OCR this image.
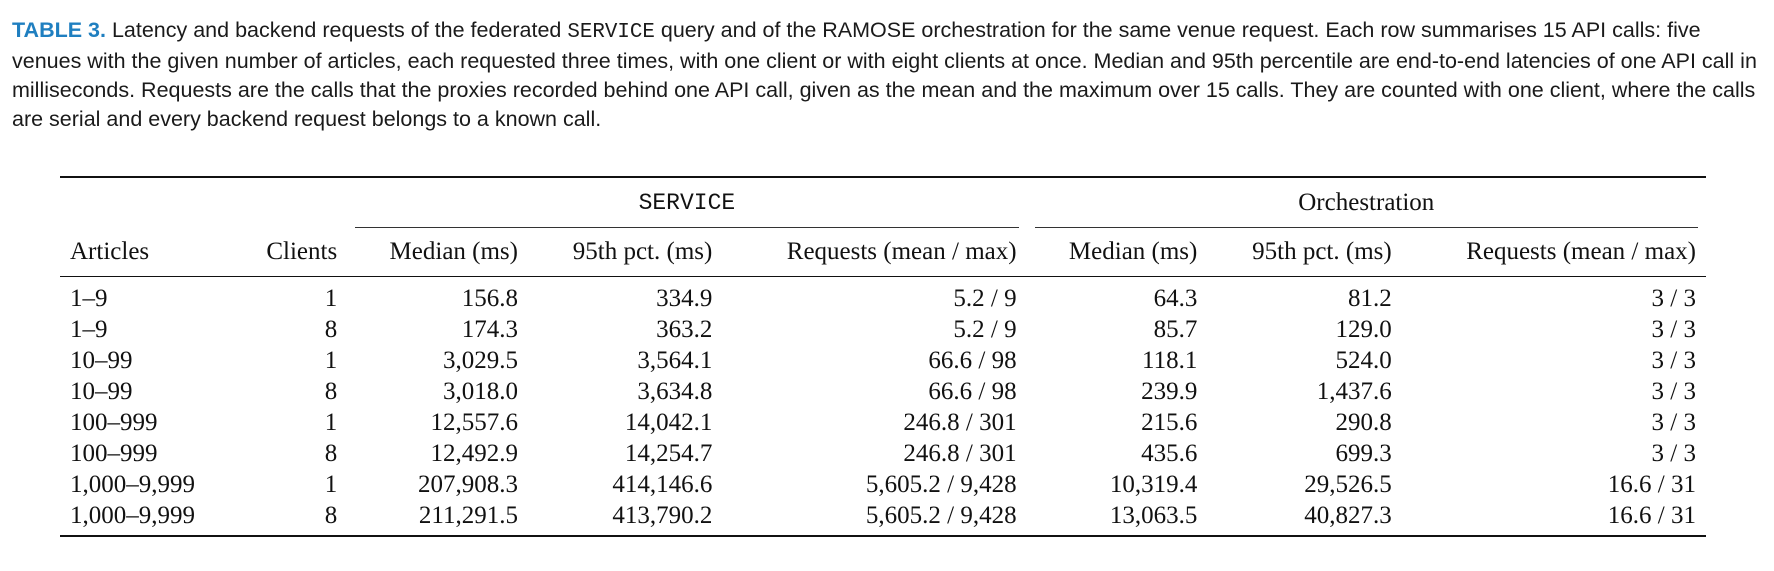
TABLE 3. Latency and backend requests of the federated SERVICE query and of the RAMOSE orchestration for the same venue request. Each row summarises 15 API calls: five venues with the given number of articles, each requested three times, with one client or with eight clients at once. Median and 95th percentile are end-to-end latencies of one API call in milliseconds. Requests are the calls that the proxies recorded behind one API call, given as the mean and the maximum over 15 calls. They are counted with one client, where the calls are serial and every backend request belongs to a known call.
		SERVICE			Orchestration		

Articles	Clients	Median (ms)	95th pct. (ms)	Requests (mean / max)	Median (ms)	95th pct. (ms)	Requests (mean / max)
1–9	1	156.8	334.9	5.2 / 9	64.3	81.2	3 / 3
1–9	8	174.3	363.2	5.2 / 9	85.7	129.0	3 / 3
10–99	1	3,029.5	3,564.1	66.6 / 98	118.1	524.0	3 / 3
10–99	8	3,018.0	3,634.8	66.6 / 98	239.9	1,437.6	3 / 3
100–999	1	12,557.6	14,042.1	246.8 / 301	215.6	290.8	3 / 3
100–999	8	12,492.9	14,254.7	246.8 / 301	435.6	699.3	3 / 3
1,000–9,999	1	207,908.3	414,146.6	5,605.2 / 9,428	10,319.4	29,526.5	16.6 / 31
1,000–9,999	8	211,291.5	413,790.2	5,605.2 / 9,428	13,063.5	40,827.3	16.6 / 31
